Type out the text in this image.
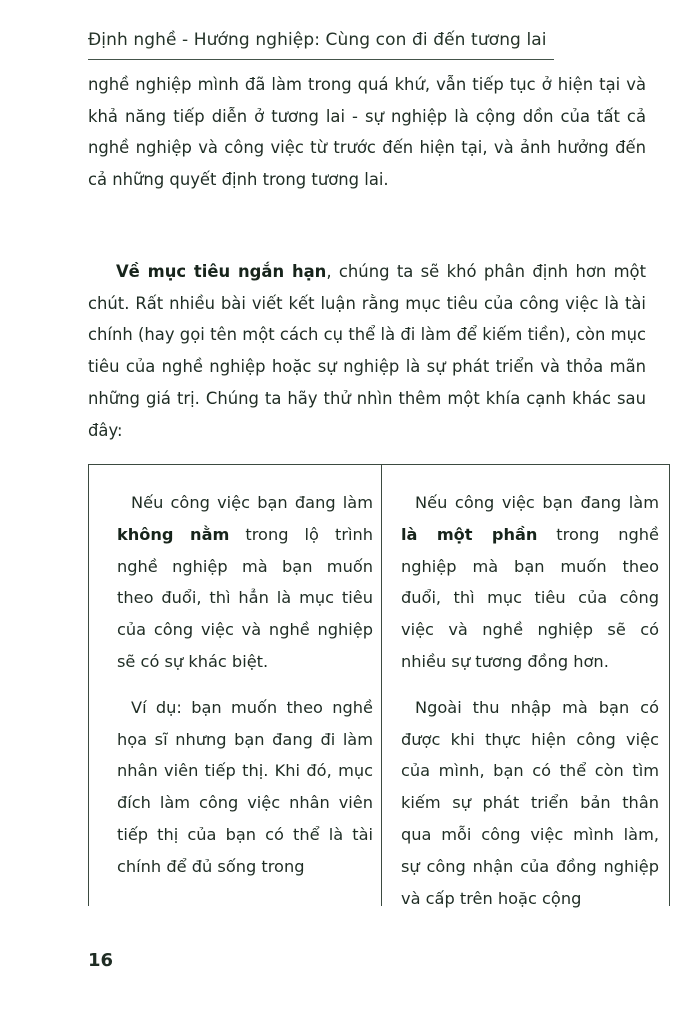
Định nghề - Hướng nghiệp: Cùng con đi đến tương lai

nghề nghiệp mình đã làm trong quá khứ, vẫn tiếp tục ở hiện tại và khả năng tiếp diễn ở tương lai - sự nghiệp là cộng dồn của tất cả nghề nghiệp và công việc từ trước đến hiện tại, và ảnh hưởng đến cả những quyết định trong tương lai.

Về mục tiêu ngắn hạn, chúng ta sẽ khó phân định hơn một chút. Rất nhiều bài viết kết luận rằng mục tiêu của công việc là tài chính (hay gọi tên một cách cụ thể là đi làm để kiếm tiền), còn mục tiêu của nghề nghiệp hoặc sự nghiệp là sự phát triển và thỏa mãn những giá trị. Chúng ta hãy thử nhìn thêm một khía cạnh khác sau đây:

Nếu công việc bạn đang làm không nằm trong lộ trình nghề nghiệp mà bạn muốn theo đuổi, thì hẳn là mục tiêu của công việc và nghề nghiệp sẽ có sự khác biệt.

Ví dụ: bạn muốn theo nghề họa sĩ nhưng bạn đang đi làm nhân viên tiếp thị. Khi đó, mục đích làm công việc nhân viên tiếp thị của bạn có thể là tài chính để đủ sống trong

Nếu công việc bạn đang làm là một phần trong nghề nghiệp mà bạn muốn theo đuổi, thì mục tiêu của công việc và nghề nghiệp sẽ có nhiều sự tương đồng hơn.

Ngoài thu nhập mà bạn có được khi thực hiện công việc của mình, bạn có thể còn tìm kiếm sự phát triển bản thân qua mỗi công việc mình làm, sự công nhận của đồng nghiệp và cấp trên hoặc cộng

16
